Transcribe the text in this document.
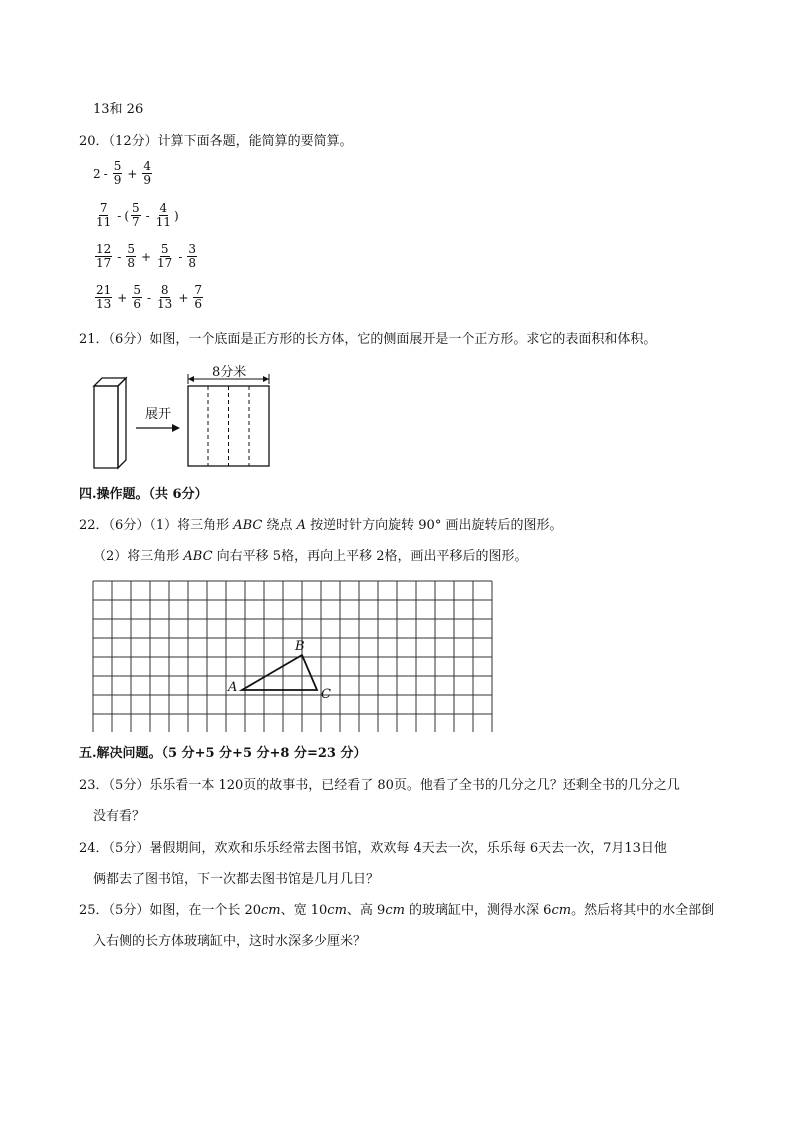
13和 26
20．（12分）计算下面各题，能简算的要简算。
$2 - \frac{5}{9} + \frac{4}{9}$
$\frac{7}{11}$ - ( $\frac{5}{7} - \frac{4}{11}$ )
$\frac{12}{17} - \frac{5}{8} + \frac{5}{17} - \frac{3}{8}$
$\frac{21}{13} + \frac{5}{6} - \frac{8}{13} + \frac{7}{6}$
21．（6分）如图，一个底面是正方形的长方体，它的侧面展开是一个正方形。求它的表面积和体积。
8分米
展开
四.操作题。（共 6分）
22．（6分）（1）将三角形 ABC 绕点 A 按逆时针方向旋转 90° 画出旋转后的图形。
（2）将三角形 ABC 向右平移 5格，再向上平移 2格，画出平移后的图形。
A
B
C
五.解决问题。（5 分+5 分+5 分+8 分=23 分）
23．（5分）乐乐看一本 120页的故事书，已经看了 80页。他看了全书的几分之几？还剩全书的几分之几
没有看？
24．（5分）暑假期间，欢欢和乐乐经常去图书馆，欢欢每 4天去一次，乐乐每 6天去一次，7月13日他
俩都去了图书馆，下一次都去图书馆是几月几日？
25．（5分）如图，在一个长 20cm、宽 10cm、高 9cm 的玻璃缸中，测得水深 6cm。然后将其中的水全部倒
入右侧的长方体玻璃缸中，这时水深多少厘米？
